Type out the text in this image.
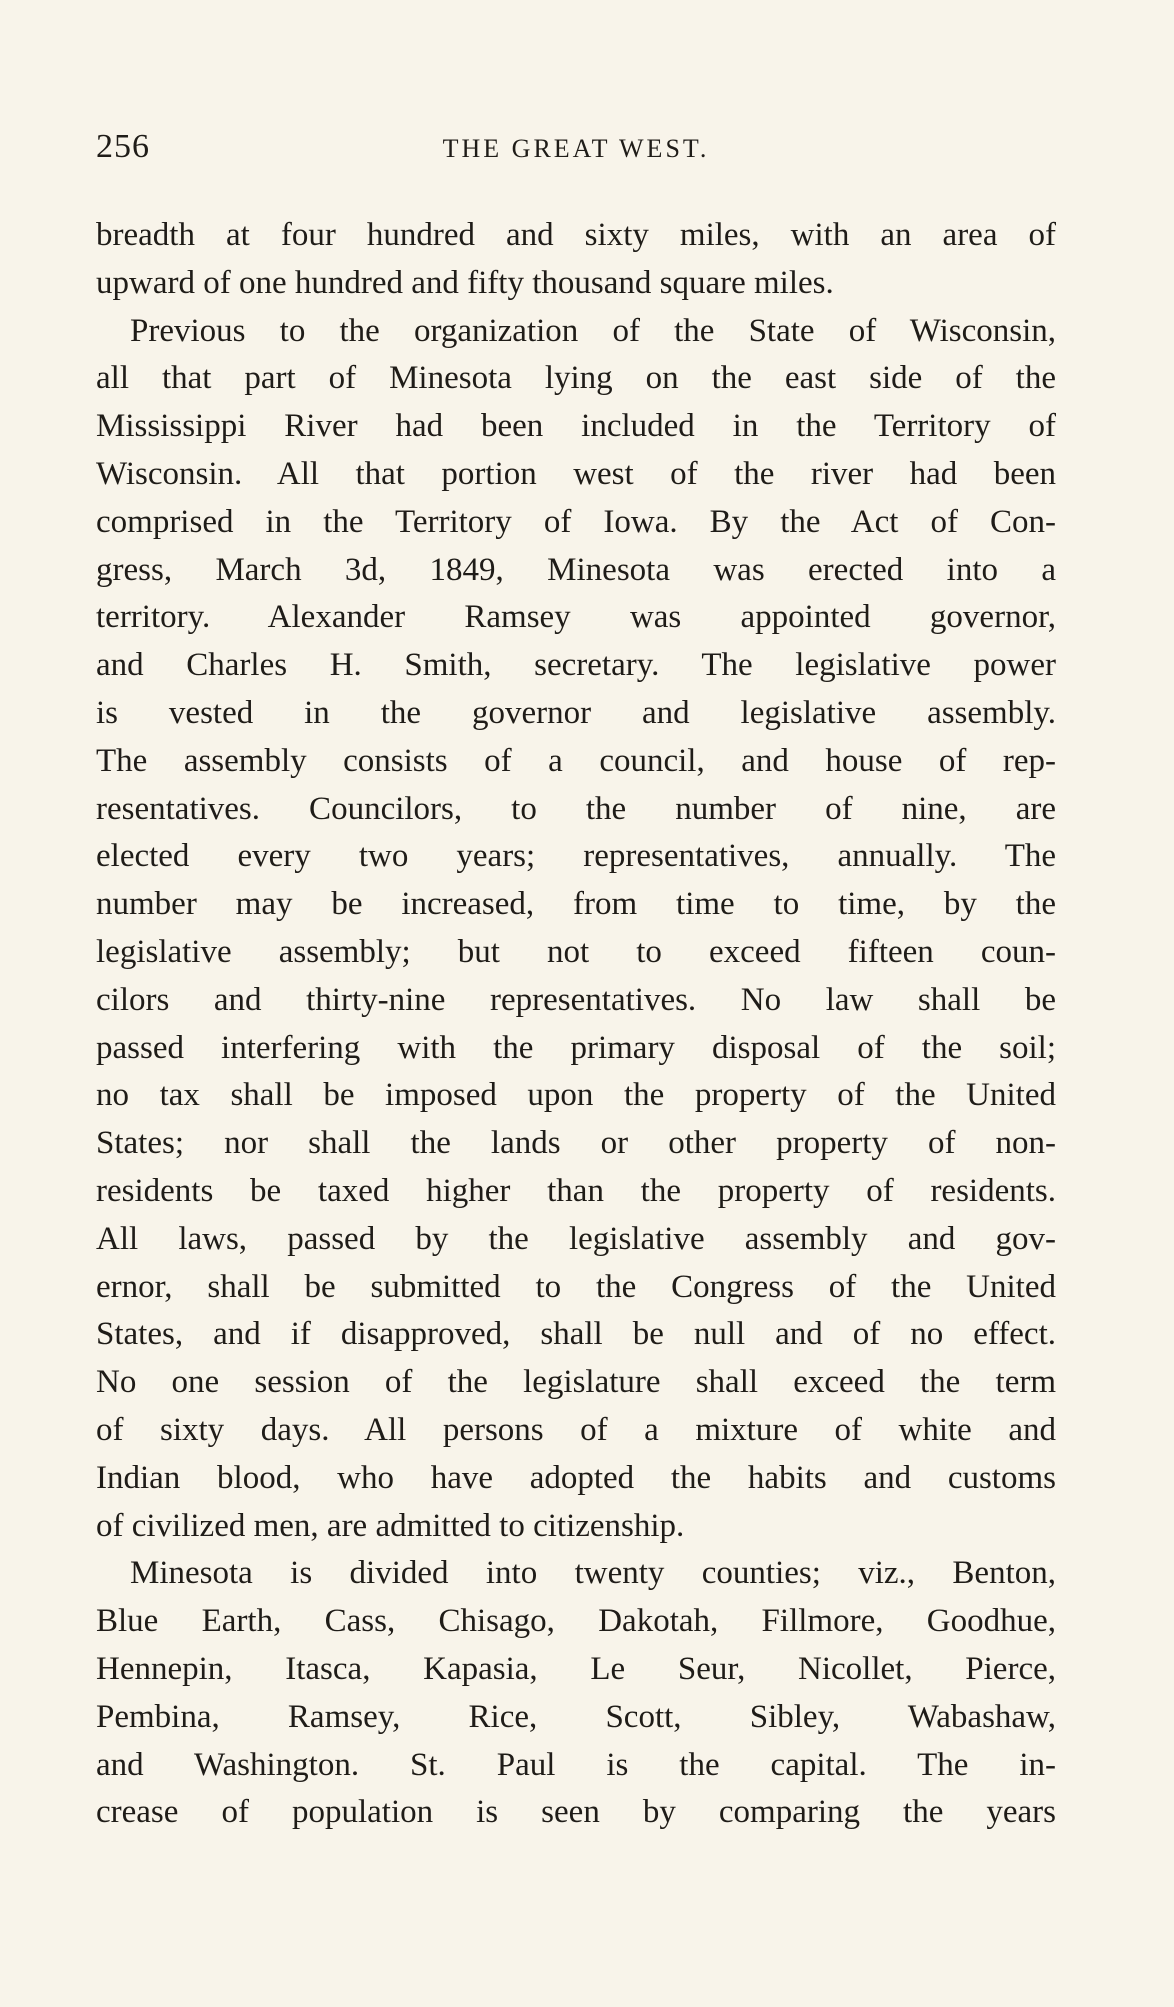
256	THE GREAT WEST.
breadth at four hundred and sixty miles, with an area of
upward of one hundred and fifty thousand square miles.
Previous to the organization of the State of Wisconsin,
all that part of Minesota lying on the east side of the
Mississippi River had been included in the Territory of
Wisconsin. All that portion west of the river had been
comprised in the Territory of Iowa. By the Act of Con-
gress, March 3d, 1849, Minesota was erected into a
territory. Alexander Ramsey was appointed governor,
and Charles H. Smith, secretary. The legislative power
is vested in the governor and legislative assembly.
The assembly consists of a council, and house of rep-
resentatives. Councilors, to the number of nine, are
elected every two years; representatives, annually. The
number may be increased, from time to time, by the
legislative assembly; but not to exceed fifteen coun-
cilors and thirty-nine representatives. No law shall be
passed interfering with the primary disposal of the soil;
no tax shall be imposed upon the property of the United
States; nor shall the lands or other property of non-
residents be taxed higher than the property of residents.
All laws, passed by the legislative assembly and gov-
ernor, shall be submitted to the Congress of the United
States, and if disapproved, shall be null and of no effect.
No one session of the legislature shall exceed the term
of sixty days. All persons of a mixture of white and
Indian blood, who have adopted the habits and customs
of civilized men, are admitted to citizenship.
Minesota is divided into twenty counties; viz., Benton,
Blue Earth, Cass, Chisago, Dakotah, Fillmore, Goodhue,
Hennepin, Itasca, Kapasia, Le Seur, Nicollet, Pierce,
Pembina, Ramsey, Rice, Scott, Sibley, Wabashaw,
and Washington. St. Paul is the capital. The in-
crease of population is seen by comparing the years
